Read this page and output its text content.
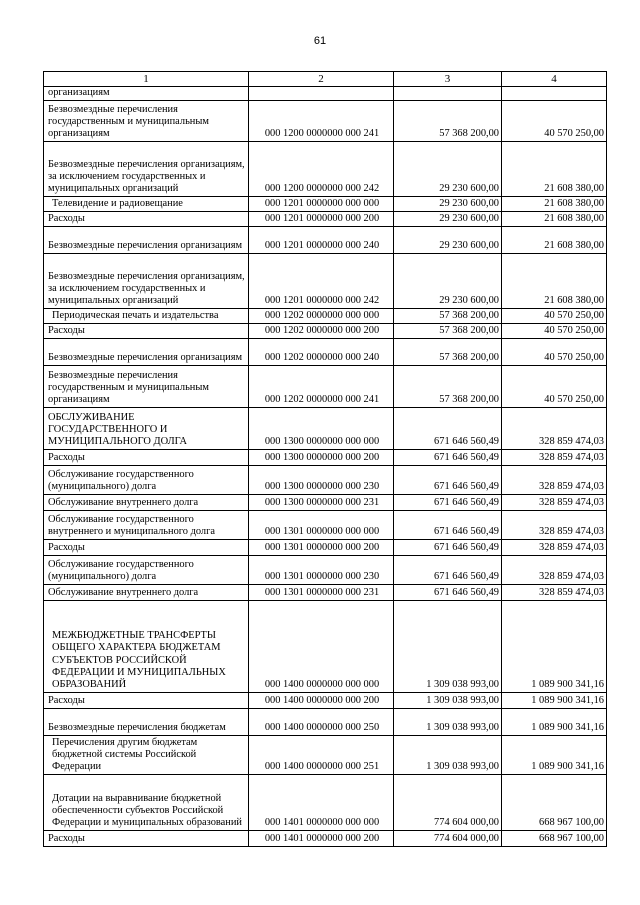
61
1	2	3	4
организациям			
Безвозмездные перечисления государственным и муниципальным организациям	000 1200 0000000 000 241	57 368 200,00	40 570 250,00
Безвозмездные перечисления организациям, за исключением государственных и муниципальных организаций	000 1200 0000000 000 242	29 230 600,00	21 608 380,00
Телевидение и радиовещание	000 1201 0000000 000 000	29 230 600,00	21 608 380,00
Расходы	000 1201 0000000 000 200	29 230 600,00	21 608 380,00
Безвозмездные перечисления организациям	000 1201 0000000 000 240	29 230 600,00	21 608 380,00
Безвозмездные перечисления организациям, за исключением государственных и муниципальных организаций	000 1201 0000000 000 242	29 230 600,00	21 608 380,00
Периодическая печать и издательства	000 1202 0000000 000 000	57 368 200,00	40 570 250,00
Расходы	000 1202 0000000 000 200	57 368 200,00	40 570 250,00
Безвозмездные перечисления организациям	000 1202 0000000 000 240	57 368 200,00	40 570 250,00
Безвозмездные перечисления государственным и муниципальным организациям	000 1202 0000000 000 241	57 368 200,00	40 570 250,00
ОБСЛУЖИВАНИЕ ГОСУДАРСТВЕННОГО И МУНИЦИПАЛЬНОГО ДОЛГА	000 1300 0000000 000 000	671 646 560,49	328 859 474,03
Расходы	000 1300 0000000 000 200	671 646 560,49	328 859 474,03
Обслуживание государственного (муниципального) долга	000 1300 0000000 000 230	671 646 560,49	328 859 474,03
Обслуживание внутреннего долга	000 1300 0000000 000 231	671 646 560,49	328 859 474,03
Обслуживание государственного внутреннего и муниципального долга	000 1301 0000000 000 000	671 646 560,49	328 859 474,03
Расходы	000 1301 0000000 000 200	671 646 560,49	328 859 474,03
Обслуживание государственного (муниципального) долга	000 1301 0000000 000 230	671 646 560,49	328 859 474,03
Обслуживание внутреннего долга	000 1301 0000000 000 231	671 646 560,49	328 859 474,03
МЕЖБЮДЖЕТНЫЕ ТРАНСФЕРТЫ ОБЩЕГО ХАРАКТЕРА БЮДЖЕТАМ СУБЪЕКТОВ РОССИЙСКОЙ ФЕДЕРАЦИИ И МУНИЦИПАЛЬНЫХ ОБРАЗОВАНИЙ	000 1400 0000000 000 000	1 309 038 993,00	1 089 900 341,16
Расходы	000 1400 0000000 000 200	1 309 038 993,00	1 089 900 341,16
Безвозмездные перечисления бюджетам	000 1400 0000000 000 250	1 309 038 993,00	1 089 900 341,16
Перечисления другим бюджетам бюджетной системы Российской Федерации	000 1400 0000000 000 251	1 309 038 993,00	1 089 900 341,16
Дотации на выравнивание бюджетной обеспеченности субъектов Российской Федерации и муниципальных образований	000 1401 0000000 000 000	774 604 000,00	668 967 100,00
Расходы	000 1401 0000000 000 200	774 604 000,00	668 967 100,00
